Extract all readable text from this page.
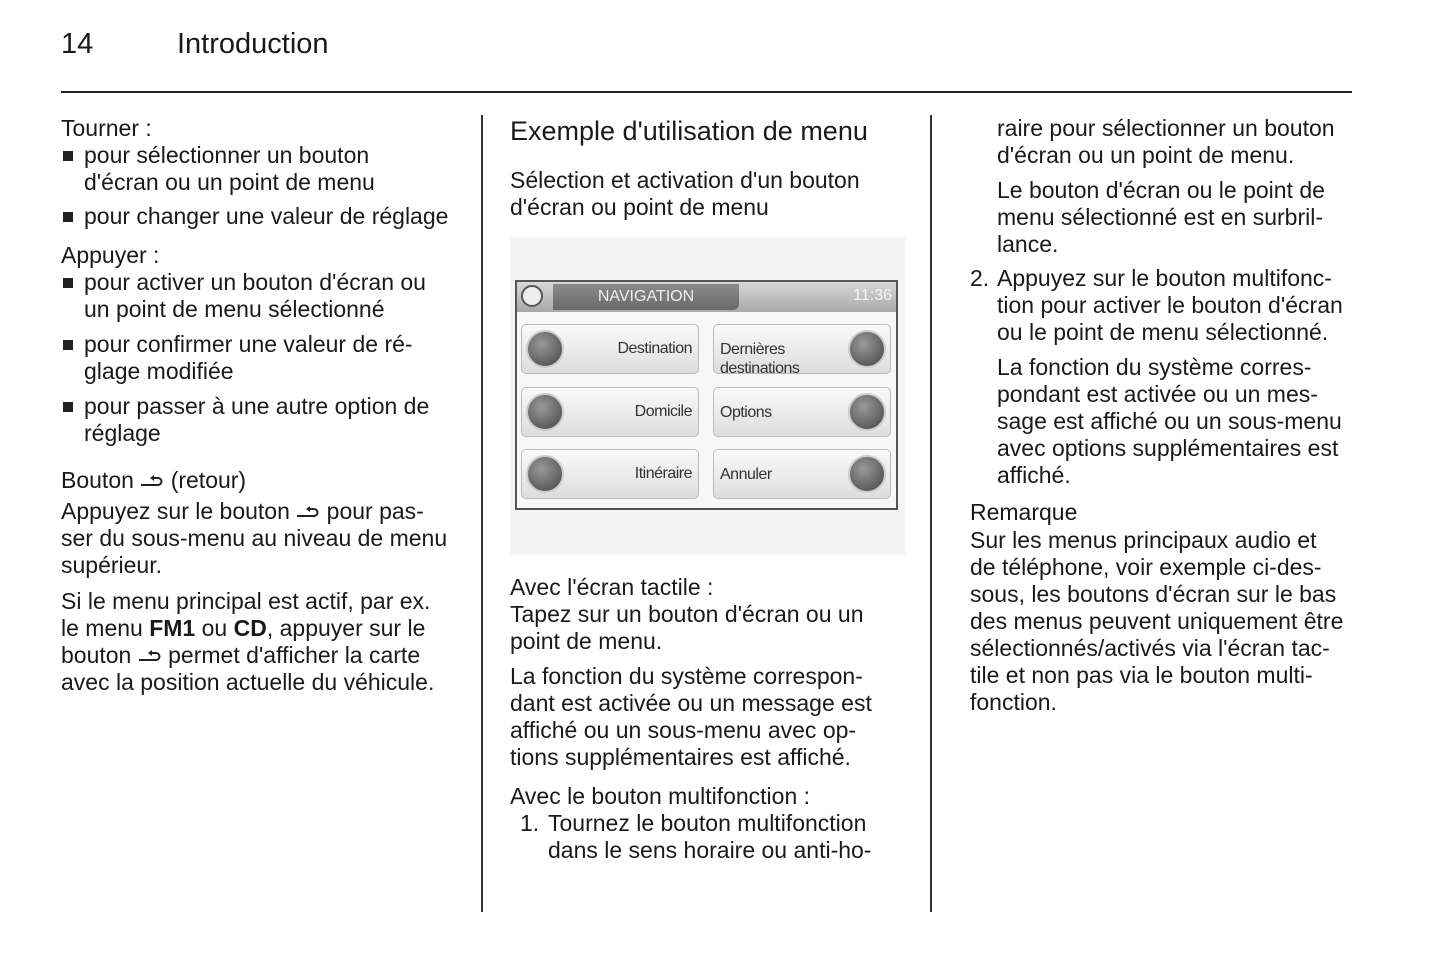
14	Introduction
Tourner :
pour sélectionner un bouton
d'écran ou un point de menu
pour changer une valeur de réglage
Appuyer :
pour activer un bouton d'écran ou
un point de menu sélectionné
pour confirmer une valeur de ré-
glage modifiée
pour passer à une autre option de
réglage
Bouton (retour)
Appuyez sur le bouton pour pas-
ser du sous-menu au niveau de menu
supérieur.
Si le menu principal est actif, par ex.
le menu FM1 ou CD, appuyer sur le
bouton permet d'afficher la carte
avec la position actuelle du véhicule.
Exemple d'utilisation de menu
Sélection et activation d'un bouton
d'écran ou point de menu
NAVIGATION	11:36
Destination Dernières
destinations
Domicile Options
Itinéraire Annuler
Avec l'écran tactile :
Tapez sur un bouton d'écran ou un
point de menu.
La fonction du système correspon-
dant est activée ou un message est
affiché ou un sous-menu avec op-
tions supplémentaires est affiché.
Avec le bouton multifonction :
1. Tournez le bouton multifonction
dans le sens horaire ou anti-ho-
raire pour sélectionner un bouton
d'écran ou un point de menu.
Le bouton d'écran ou le point de
menu sélectionné est en surbril-
lance.
2. Appuyez sur le bouton multifonc-
tion pour activer le bouton d'écran
ou le point de menu sélectionné.
La fonction du système corres-
pondant est activée ou un mes-
sage est affiché ou un sous-menu
avec options supplémentaires est
affiché.
Remarque
Sur les menus principaux audio et
de téléphone, voir exemple ci-des-
sous, les boutons d'écran sur le bas
des menus peuvent uniquement être
sélectionnés/activés via l'écran tac-
tile et non pas via le bouton multi-
fonction.
